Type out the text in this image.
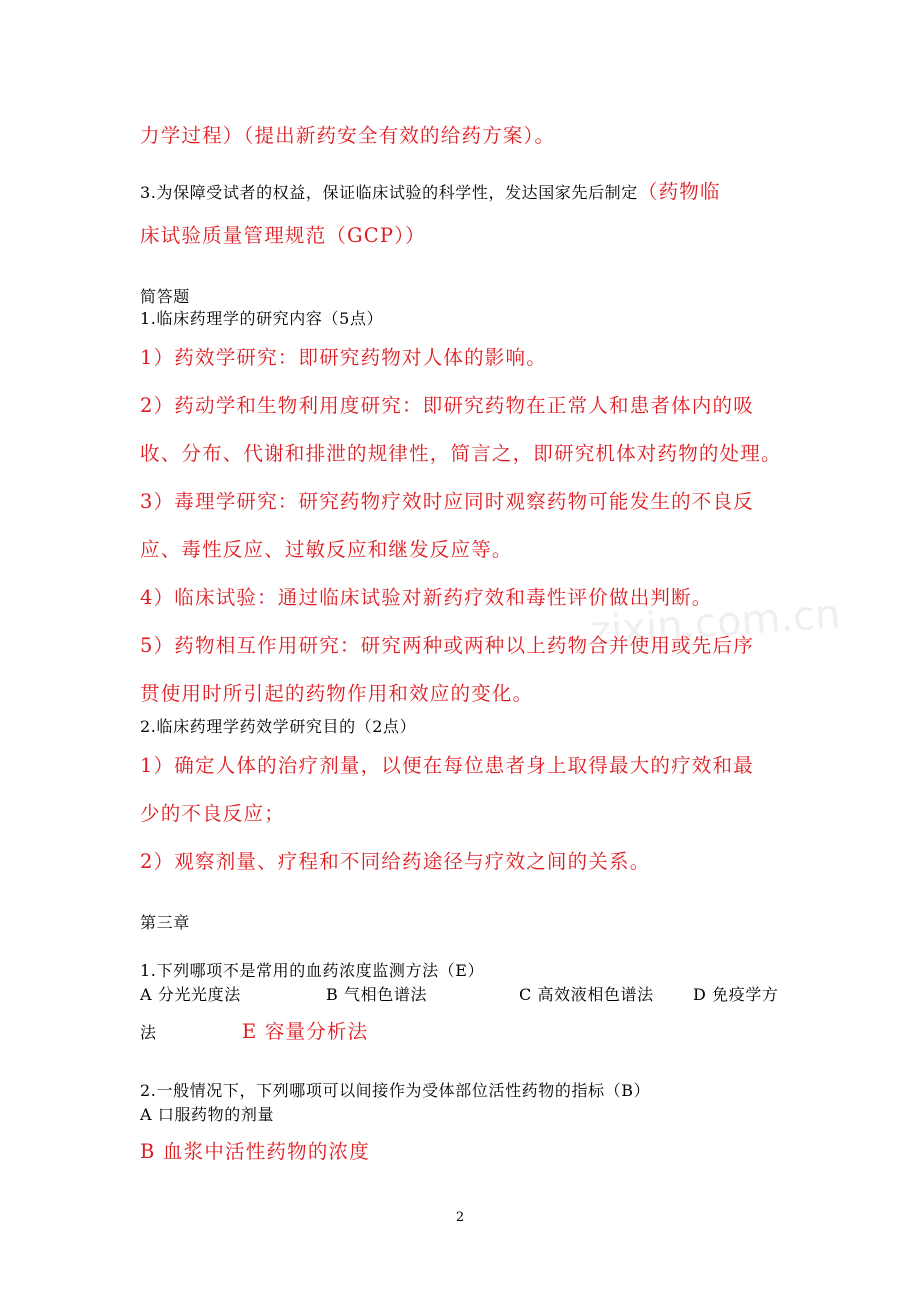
zixin.com.cn

力学过程）（提出新药安全有效的给药方案）。

3.为保障受试者的权益，保证临床试验的科学性，发达国家先后制定（药物临

床试验质量管理规范（GCP））

简答题

1.临床药理学的研究内容（5点）

1）药效学研究：即研究药物对人体的影响。

2）药动学和生物利用度研究：即研究药物在正常人和患者体内的吸

收、分布、代谢和排泄的规律性，简言之，即研究机体对药物的处理。

3）毒理学研究：研究药物疗效时应同时观察药物可能发生的不良反

应、毒性反应、过敏反应和继发反应等。

4）临床试验：通过临床试验对新药疗效和毒性评价做出判断。

5）药物相互作用研究：研究两种或两种以上药物合并使用或先后序

贯使用时所引起的药物作用和效应的变化。

2.临床药理学药效学研究目的（2点）

1）确定人体的治疗剂量，以便在每位患者身上取得最大的疗效和最

少的不良反应；

2）观察剂量、疗程和不同给药途径与疗效之间的关系。

第三章

1.下列哪项不是常用的血药浓度监测方法（E）

A 分光光度法	B 气相色谱法	C 高效液相色谱法 D 免疫学方

法	E 容量分析法

2.一般情况下，下列哪项可以间接作为受体部位活性药物的指标（B）

A 口服药物的剂量

B 血浆中活性药物的浓度

2
